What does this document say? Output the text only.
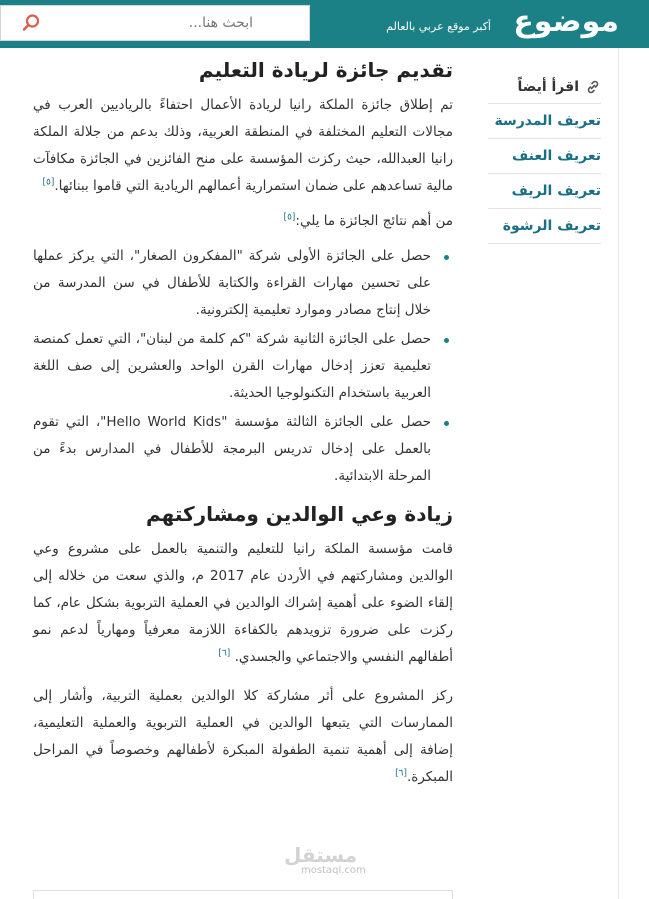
موضوع
أكبر موقع عربي بالعالم
ابحث هنا...
اقرأ أيضاً
تعريف المدرسة
تعريف العنف
تعريف الريف
تعريف الرشوة
تقديم جائزة لريادة التعليم

تم إطلاق جائزة الملكة رانيا لريادة الأعمال احتفاءً بالرياديين العرب في مجالات التعليم المختلفة في المنطقة العربية، وذلك بدعم من جلالة الملكة رانيا العبدالله، حيث ركزت المؤسسة على منح الفائزين في الجائزة مكافآت مالية تساعدهم على ضمان استمرارية أعمالهم الريادية التي قاموا ببنائها.[٥]

من أهم نتائج الجائزة ما يلي:[٥]

حصل على الجائزة الأولى شركة "المفكرون الصغار"، التي يركز عملها على تحسين مهارات القراءة والكتابة للأطفال في سن المدرسة من خلال إنتاج مصادر وموارد تعليمية إلكترونية.
حصل على الجائزة الثانية شركة "كم كلمة من لبنان"، التي تعمل كمنصة تعليمية تعزز إدخال مهارات القرن الواحد والعشرين إلى صف اللغة العربية باستخدام التكنولوجيا الحديثة.
حصل على الجائزة الثالثة مؤسسة "Hello World Kids"، التي تقوم بالعمل على إدخال تدريس البرمجة للأطفال في المدارس بدءً من المرحلة الابتدائية.
زيادة وعي الوالدين ومشاركتهم

قامت مؤسسة الملكة رانيا للتعليم والتنمية بالعمل على مشروع وعي الوالدين ومشاركتهم في الأردن عام 2017 م، والذي سعت من خلاله إلى إلقاء الضوء على أهمية إشراك الوالدين في العملية التربوية بشكل عام، كما ركزت على ضرورة تزويدهم بالكفاءة اللازمة معرفياً ومهارياً لدعم نمو أطفالهم النفسي والاجتماعي والجسدي. [٦]

ركز المشروع على أثر مشاركة كلا الوالدين بعملية التربية، وأشار إلى الممارسات التي يتبعها الوالدين في العملية التربوية والعملية التعليمية، إضافة إلى أهمية تنمية الطفولة المبكرة لأطفالهم وخصوصاً في المراحل المبكرة.[٦]

مستقل
mostaql.com
